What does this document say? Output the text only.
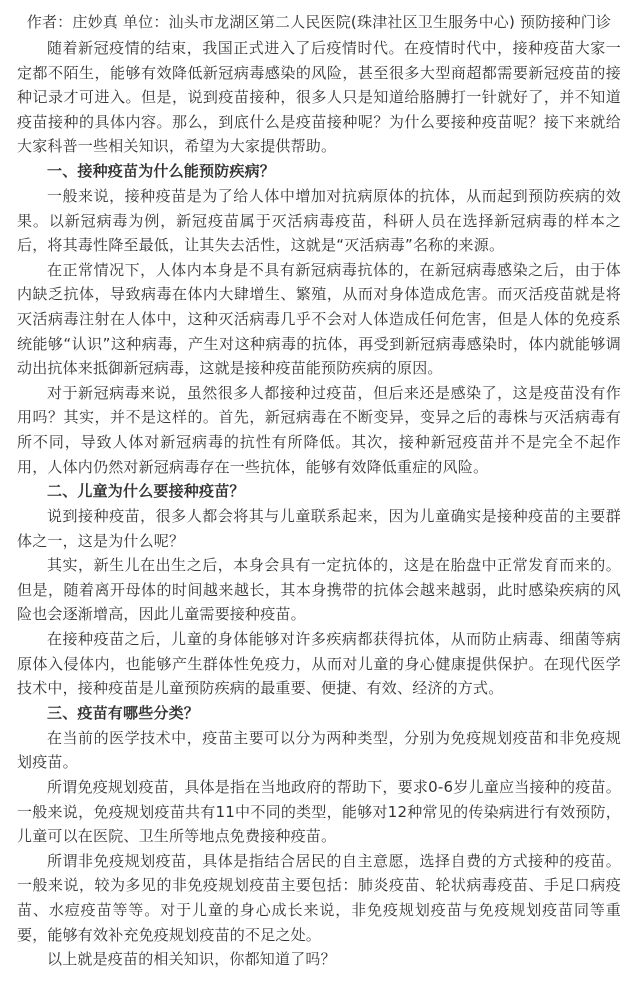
作者：庄妙真 单位：汕头市龙湖区第二人民医院(珠津社区卫生服务中心) 预防接种门诊

随着新冠疫情的结束，我国正式进入了后疫情时代。在疫情时代中，接种疫苗大家一定都不陌生，能够有效降低新冠病毒感染的风险，甚至很多大型商超都需要新冠疫苗的接种记录才可进入。但是，说到疫苗接种，很多人只是知道给胳膊打一针就好了，并不知道疫苗接种的具体内容。那么，到底什么是疫苗接种呢？为什么要接种疫苗呢？接下来就给大家科普一些相关知识，希望为大家提供帮助。

一、接种疫苗为什么能预防疾病？

一般来说，接种疫苗是为了给人体中增加对抗病原体的抗体，从而起到预防疾病的效果。以新冠病毒为例，新冠疫苗属于灭活病毒疫苗，科研人员在选择新冠病毒的样本之后，将其毒性降至最低，让其失去活性，这就是“灭活病毒”名称的来源。

在正常情况下，人体内本身是不具有新冠病毒抗体的，在新冠病毒感染之后，由于体内缺乏抗体，导致病毒在体内大肆增生、繁殖，从而对身体造成危害。而灭活疫苗就是将灭活病毒注射在人体中，这种灭活病毒几乎不会对人体造成任何危害，但是人体的免疫系统能够“认识”这种病毒，产生对这种病毒的抗体，再受到新冠病毒感染时，体内就能够调动出抗体来抵御新冠病毒，这就是接种疫苗能预防疾病的原因。

对于新冠病毒来说，虽然很多人都接种过疫苗，但后来还是感染了，这是疫苗没有作用吗？其实，并不是这样的。首先，新冠病毒在不断变异，变异之后的毒株与灭活病毒有所不同，导致人体对新冠病毒的抗性有所降低。其次，接种新冠疫苗并不是完全不起作用，人体内仍然对新冠病毒存在一些抗体，能够有效降低重症的风险。

二、儿童为什么要接种疫苗？

说到接种疫苗，很多人都会将其与儿童联系起来，因为儿童确实是接种疫苗的主要群体之一，这是为什么呢？

其实，新生儿在出生之后，本身会具有一定抗体的，这是在胎盘中正常发育而来的。但是，随着离开母体的时间越来越长，其本身携带的抗体会越来越弱，此时感染疾病的风险也会逐渐增高，因此儿童需要接种疫苗。

在接种疫苗之后，儿童的身体能够对许多疾病都获得抗体，从而防止病毒、细菌等病原体入侵体内，也能够产生群体性免疫力，从而对儿童的身心健康提供保护。在现代医学技术中，接种疫苗是儿童预防疾病的最重要、便捷、有效、经济的方式。

三、疫苗有哪些分类？

在当前的医学技术中，疫苗主要可以分为两种类型，分别为免疫规划疫苗和非免疫规划疫苗。

所谓免疫规划疫苗，具体是指在当地政府的帮助下，要求0-6岁儿童应当接种的疫苗。一般来说，免疫规划疫苗共有11中不同的类型，能够对12种常见的传染病进行有效预防，儿童可以在医院、卫生所等地点免费接种疫苗。

所谓非免疫规划疫苗，具体是指结合居民的自主意愿，选择自费的方式接种的疫苗。一般来说，较为多见的非免疫规划疫苗主要包括：肺炎疫苗、轮状病毒疫苗、手足口病疫苗、水痘疫苗等等。对于儿童的身心成长来说，非免疫规划疫苗与免疫规划疫苗同等重要，能够有效补充免疫规划疫苗的不足之处。

以上就是疫苗的相关知识，你都知道了吗？
